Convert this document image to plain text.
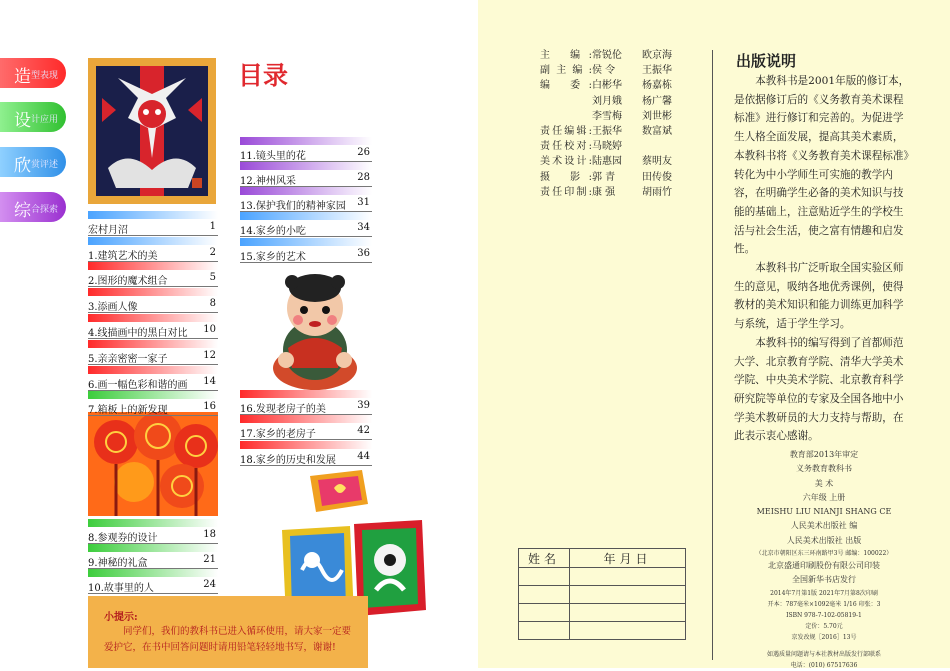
造 型表现
设 计应用
欣 赏评述
综 合探索
目录
宏村月沼	1
1.建筑艺术的美	2
2.图形的魔术组合	5
3.添画人像	8
4.线描画中的黑白对比 10
5.亲亲密密一家子	12
6.画一幅色彩和谐的画 14
7.箱板上的新发现	16
8.参观券的设计	18
9.神秘的礼盒	21
10.故事里的人	24
11.镜头里的花	26
12.神州风采	28
13.保护我们的精神家园 31
14.家乡的小吃	34
15.家乡的艺术	36
16.发现老房子的美	39
17.家乡的老房子	42
18.家乡的历史和发展 44
小提示:
同学们，我们的教科书已进入循环使用，请大家一定要爱护它，在书中回答问题时请用铅笔轻轻地书写，谢谢!
主 编: 常锐伦	欧京海
副主编: 侯 令	王振华
编 委: 白彬华	杨嘉栋
刘月娥	杨广馨
李雪梅	刘世彬
责任编辑: 王振华	数富斌
责任校对: 马晓婷
美术设计: 陆惠园	蔡明友
摄 影: 郭 青	田传俊
责任印制: 康 强	胡雨竹
出版说明

本教科书是2001年版的修订本，是依据修订后的《义务教育美术课程标准》进行修订和完善的。为促进学生人格全面发展，提高其美术素质，本教科书将《义务教育美术课程标准》转化为中小学师生可实施的教学内容，在明确学生必备的美术知识与技能的基础上，注意贴近学生的学校生活与社会生活，使之富有情趣和启发性。

本教科书广泛听取全国实验区师生的意见，吸纳各地优秀课例，使得教材的美术知识和能力训练更加科学与系统，适于学生学习。

本教科书的编写得到了首都师范大学、北京教育学院、清华大学美术学院、中央美术学院、北京教育科学研究院等单位的专家及全国各地中小学美术教研员的大力支持与帮助，在此表示衷心感谢。

教育部2013年审定
义务教育教科书
美 术
六年级 上册
MEISHU LIU NIANJI SHANG CE
人民美术出版社 编
人民美术出版社 出版
（北京市朝阳区东三环南路甲3号 邮编：100022）
北京盛通印刷股份有限公司印装
全国新华书店发行
2014年7月第1版 2021年7月第8次印刷
开本：787毫米×1092毫米 1/16 印张：3
ISBN 978-7-102-05819-1
定价：5.70元
京发改规［2016］13号
如遇质量问题请与本社教材出版发行部联系
电话：(010) 67517636
姓名	年月日
